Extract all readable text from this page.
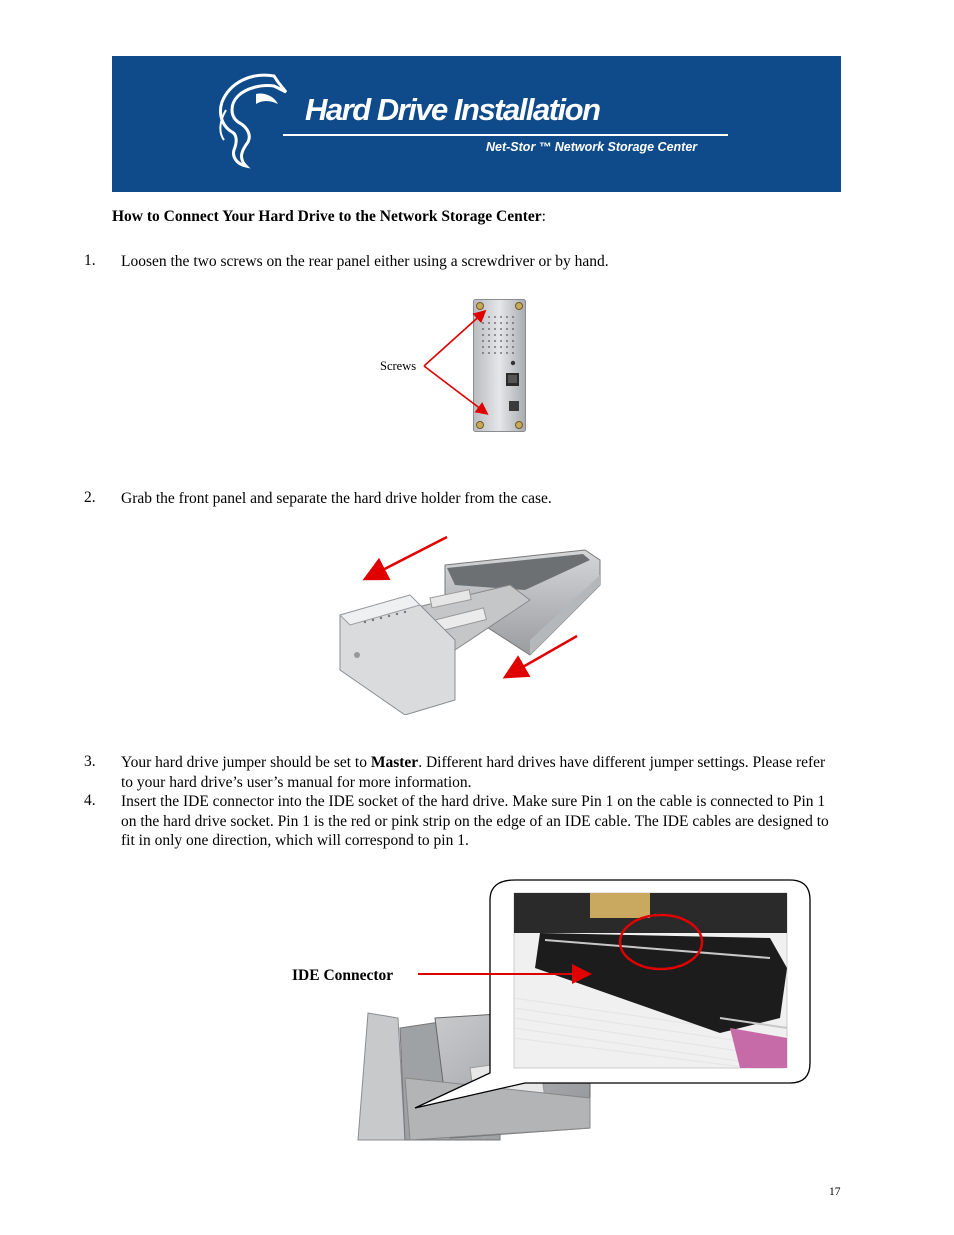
Hard Drive Installation
Net-Stor ™ Network Storage Center
How to Connect Your Hard Drive to the Network Storage Center:
1. Loosen the two screws on the rear panel either using a screwdriver or by hand.
Screws
2. Grab the front panel and separate the hard drive holder from the case.
3. Your hard drive jumper should be set to Master. Different hard drives have different jumper settings. Please refer to your hard drive’s user’s manual for more information.
4. Insert the IDE connector into the IDE socket of the hard drive. Make sure Pin 1 on the cable is connected to Pin 1 on the hard drive socket. Pin 1 is the red or pink strip on the edge of an IDE cable. The IDE cables are designed to fit in only one direction, which will correspond to pin 1.
IDE Connector
17
